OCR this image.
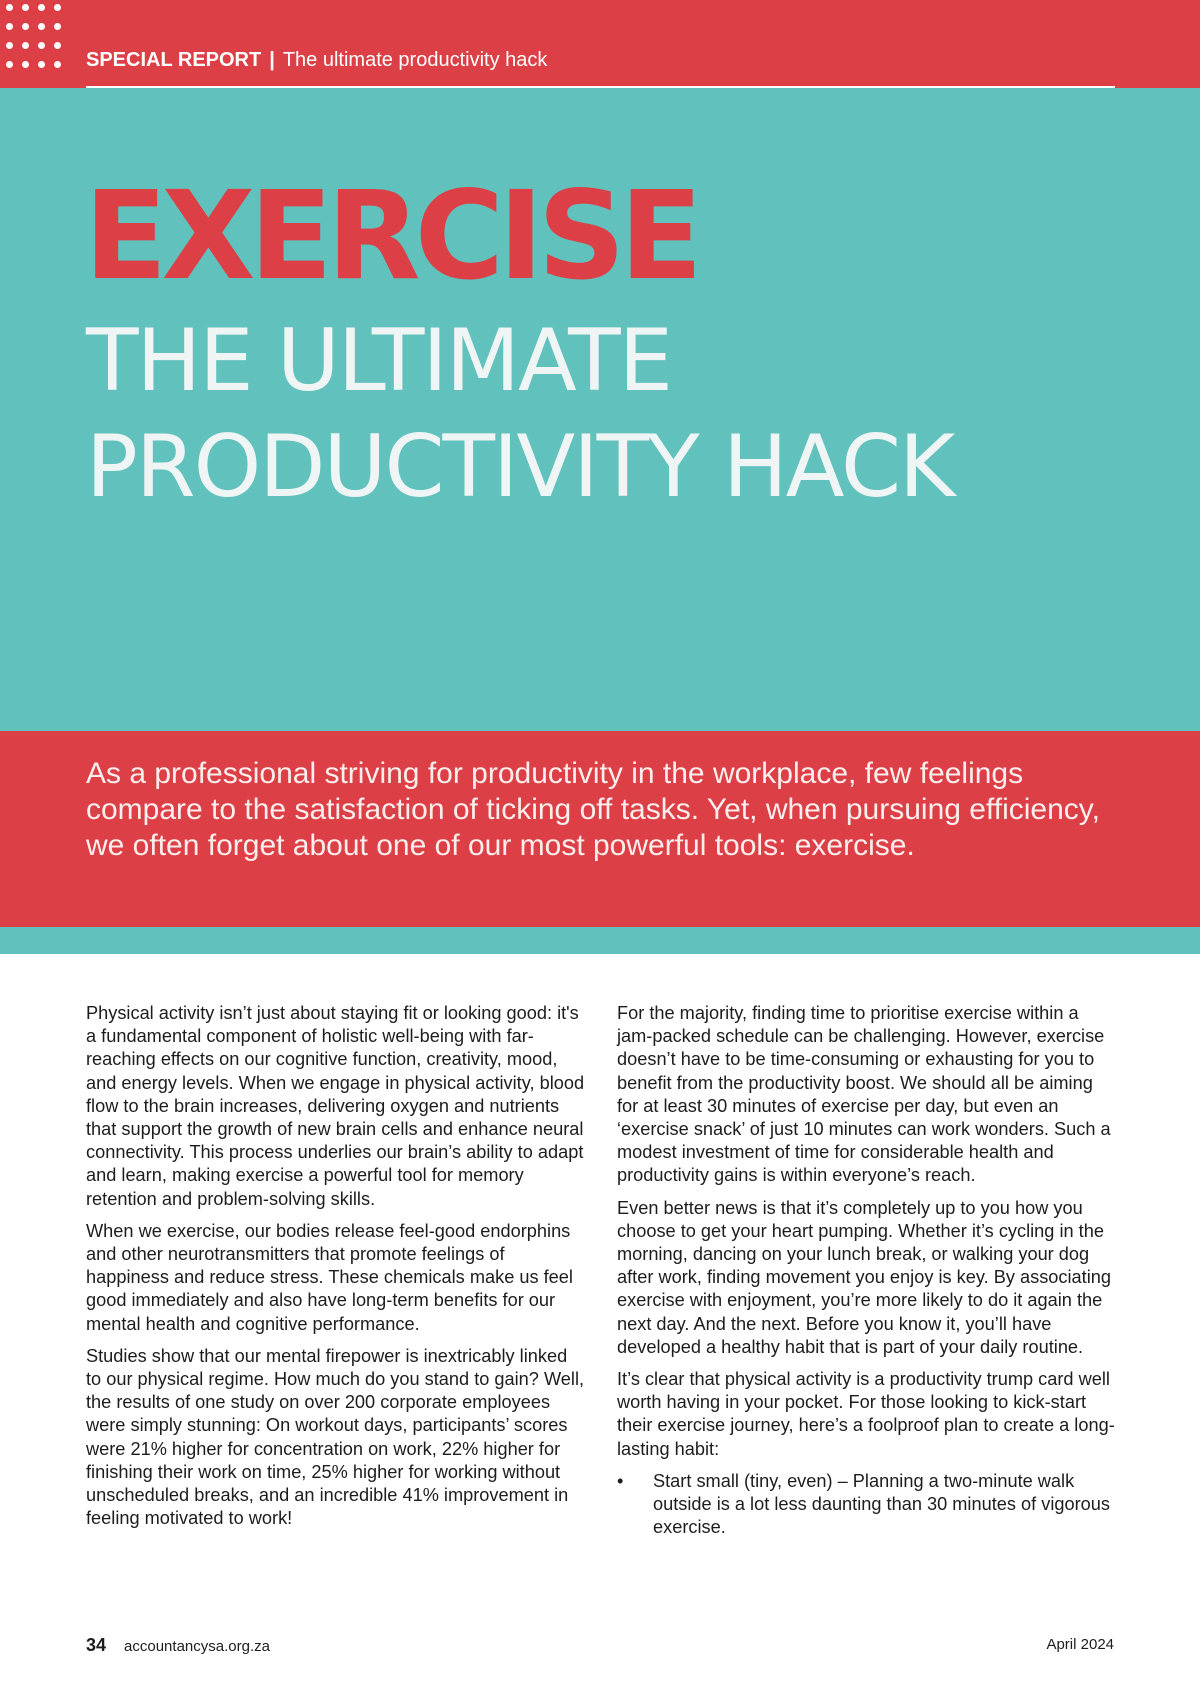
SPECIAL REPORT | The ultimate productivity hack
EXERCISE
THE ULTIMATE PRODUCTIVITY HACK

As a professional striving for productivity in the workplace, few feelings compare to the satisfaction of ticking off tasks. Yet, when pursuing efficiency, we often forget about one of our most powerful tools: exercise.

Physical activity isn’t just about staying fit or looking good: it's a fundamental component of holistic well-being with far-reaching effects on our cognitive function, creativity, mood, and energy levels. When we engage in physical activity, blood flow to the brain increases, delivering oxygen and nutrients that support the growth of new brain cells and enhance neural connectivity. This process underlies our brain’s ability to adapt and learn, making exercise a powerful tool for memory retention and problem-solving skills.

When we exercise, our bodies release feel-good endorphins and other neurotransmitters that promote feelings of happiness and reduce stress. These chemicals make us feel good immediately and also have long-term benefits for our mental health and cognitive performance.

Studies show that our mental firepower is inextricably linked to our physical regime. How much do you stand to gain? Well, the results of one study on over 200 corporate employees were simply stunning: On workout days, participants’ scores were 21% higher for concentration on work, 22% higher for finishing their work on time, 25% higher for working without unscheduled breaks, and an incredible 41% improvement in feeling motivated to work!

For the majority, finding time to prioritise exercise within a jam-packed schedule can be challenging. However, exercise doesn’t have to be time-consuming or exhausting for you to benefit from the productivity boost. We should all be aiming for at least 30 minutes of exercise per day, but even an ‘exercise snack’ of just 10 minutes can work wonders. Such a modest investment of time for considerable health and productivity gains is within everyone’s reach.

Even better news is that it’s completely up to you how you choose to get your heart pumping. Whether it’s cycling in the morning, dancing on your lunch break, or walking your dog after work, finding movement you enjoy is key. By associating exercise with enjoyment, you’re more likely to do it again the next day. And the next. Before you know it, you’ll have developed a healthy habit that is part of your daily routine.

It’s clear that physical activity is a productivity trump card well worth having in your pocket. For those looking to kick-start their exercise journey, here’s a foolproof plan to create a long-lasting habit:

• Start small (tiny, even) – Planning a two-minute walk outside is a lot less daunting than 30 minutes of vigorous exercise.
34 accountancysa.org.za	April 2024
